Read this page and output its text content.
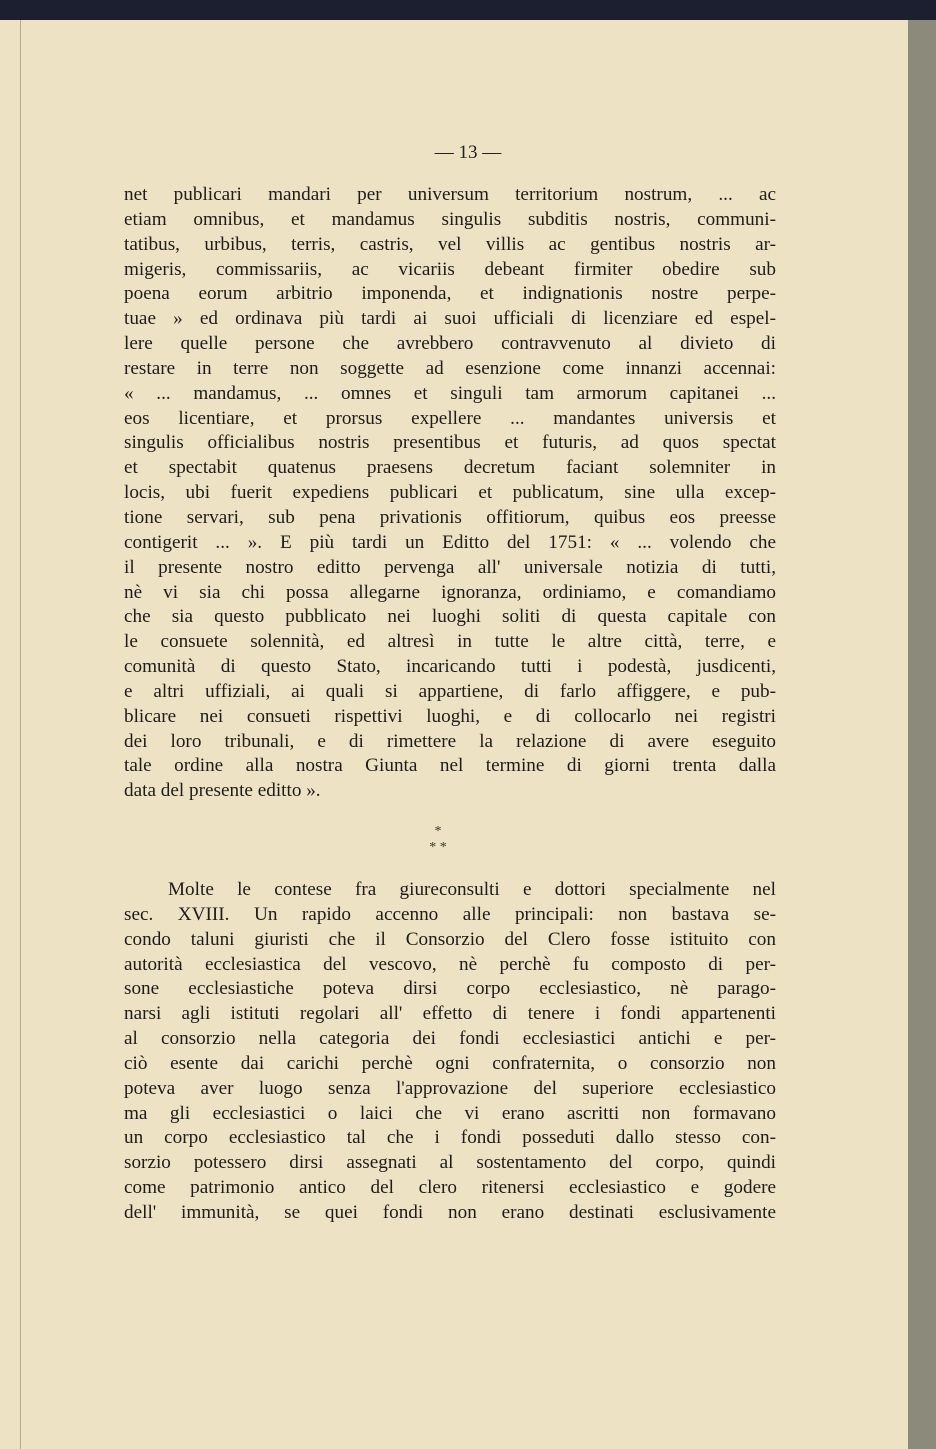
— 13 —
net publicari mandari per universum territorium nostrum, ... ac
etiam omnibus, et mandamus singulis subditis nostris, communi-
tatibus, urbibus, terris, castris, vel villis ac gentibus nostris ar-
migeris, commissariis, ac vicariis debeant firmiter obedire sub
poena eorum arbitrio imponenda, et indignationis nostre perpe-
tuae » ed ordinava più tardi ai suoi ufficiali di licenziare ed espel-
lere quelle persone che avrebbero contravvenuto al divieto di
restare in terre non soggette ad esenzione come innanzi accennai:
« ... mandamus, ... omnes et singuli tam armorum capitanei ...
eos licentiare, et prorsus expellere ... mandantes universis et
singulis officialibus nostris presentibus et futuris, ad quos spectat
et spectabit quatenus praesens decretum faciant solemniter in
locis, ubi fuerit expediens publicari et publicatum, sine ulla excep-
tione servari, sub pena privationis offitiorum, quibus eos preesse
contigerit ... ». E più tardi un Editto del 1751: « ... volendo che
il presente nostro editto pervenga all' universale notizia di tutti,
nè vi sia chi possa allegarne ignoranza, ordiniamo, e comandiamo
che sia questo pubblicato nei luoghi soliti di questa capitale con
le consuete solennità, ed altresì in tutte le altre città, terre, e
comunità di questo Stato, incaricando tutti i podestà, jusdicenti,
e altri uffiziali, ai quali si appartiene, di farlo affiggere, e pub-
blicare nei consueti rispettivi luoghi, e di collocarlo nei registri
dei loro tribunali, e di rimettere la relazione di avere eseguito
tale ordine alla nostra Giunta nel termine di giorni trenta dalla
data del presente editto ».
*
* *
Molte le contese fra giureconsulti e dottori specialmente nel
sec. XVIII. Un rapido accenno alle principali: non bastava se-
condo taluni giuristi che il Consorzio del Clero fosse istituito con
autorità ecclesiastica del vescovo, nè perchè fu composto di per-
sone ecclesiastiche poteva dirsi corpo ecclesiastico, nè parago-
narsi agli istituti regolari all' effetto di tenere i fondi appartenenti
al consorzio nella categoria dei fondi ecclesiastici antichi e per-
ciò esente dai carichi perchè ogni confraternita, o consorzio non
poteva aver luogo senza l'approvazione del superiore ecclesiastico
ma gli ecclesiastici o laici che vi erano ascritti non formavano
un corpo ecclesiastico tal che i fondi posseduti dallo stesso con-
sorzio potessero dirsi assegnati al sostentamento del corpo, quindi
come patrimonio antico del clero ritenersi ecclesiastico e godere
dell' immunità, se quei fondi non erano destinati esclusivamente
